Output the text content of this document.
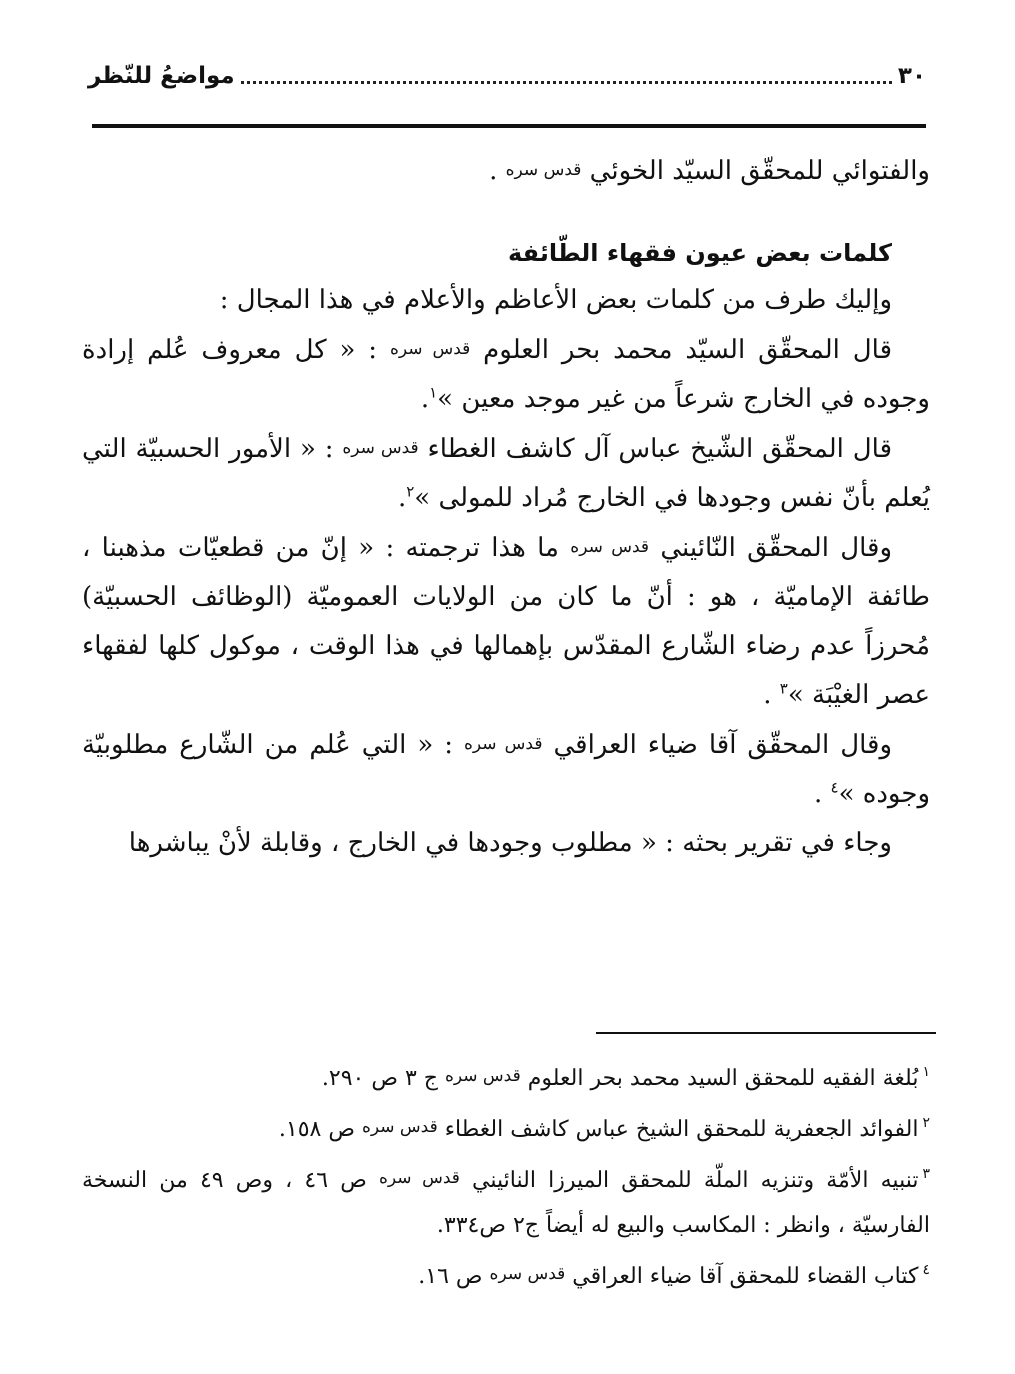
٣٠
مواضعُ للنّظر

والفتوائي للمحقّق السيّد الخوئي قدس سره .

كلمات بعض عيون فقهاء الطّائفة

وإليك طرف من كلمات بعض الأعاظم والأعلام في هذا المجال :

قال المحقّق السيّد محمد بحر العلوم قدس سره : « كل معروف عُلم إرادة وجوده في الخارج شرعاً من غير موجد معين »$^١$.

قال المحقّق الشّيخ عباس آل كاشف الغطاء قدس سره : « الأمور الحسبيّة التي يُعلم بأنّ نفس وجودها في الخارج مُراد للمولى »$^٢$.

وقال المحقّق النّائيني قدس سره ما هذا ترجمته : « إنّ من قطعيّات مذهبنا ، طائفة الإماميّة ، هو : أنّ ما كان من الولايات العموميّة (الوظائف الحسبيّة) مُحرزاً عدم رضاء الشّارع المقدّس بإهمالها في هذا الوقت ، موكول كلها لفقهاء عصر الغيْبَة »$^٣$ .

وقال المحقّق آقا ضياء العراقي قدس سره : « التي عُلم من الشّارع مطلوبيّة وجوده »$^٤$ .

وجاء في تقرير بحثه : « مطلوب وجودها في الخارج ، وقابلة لأنْ يباشرها

$^١$بُلغة الفقيه للمحقق السيد محمد بحر العلوم قدس سره ج ٣ ص ٢٩٠.

$^٢$الفوائد الجعفرية للمحقق الشيخ عباس كاشف الغطاء قدس سره ص ١٥٨.

$^٣$تنبيه الأمّة وتنزيه الملّة للمحقق الميرزا النائيني قدس سره ص ٤٦ ، وص ٤٩ من النسخة الفارسيّة ، وانظر : المكاسب والبيع له أيضاً ج٢ ص٣٣٤.

$^٤$كتاب القضاء للمحقق آقا ضياء العراقي قدس سره ص ١٦.
